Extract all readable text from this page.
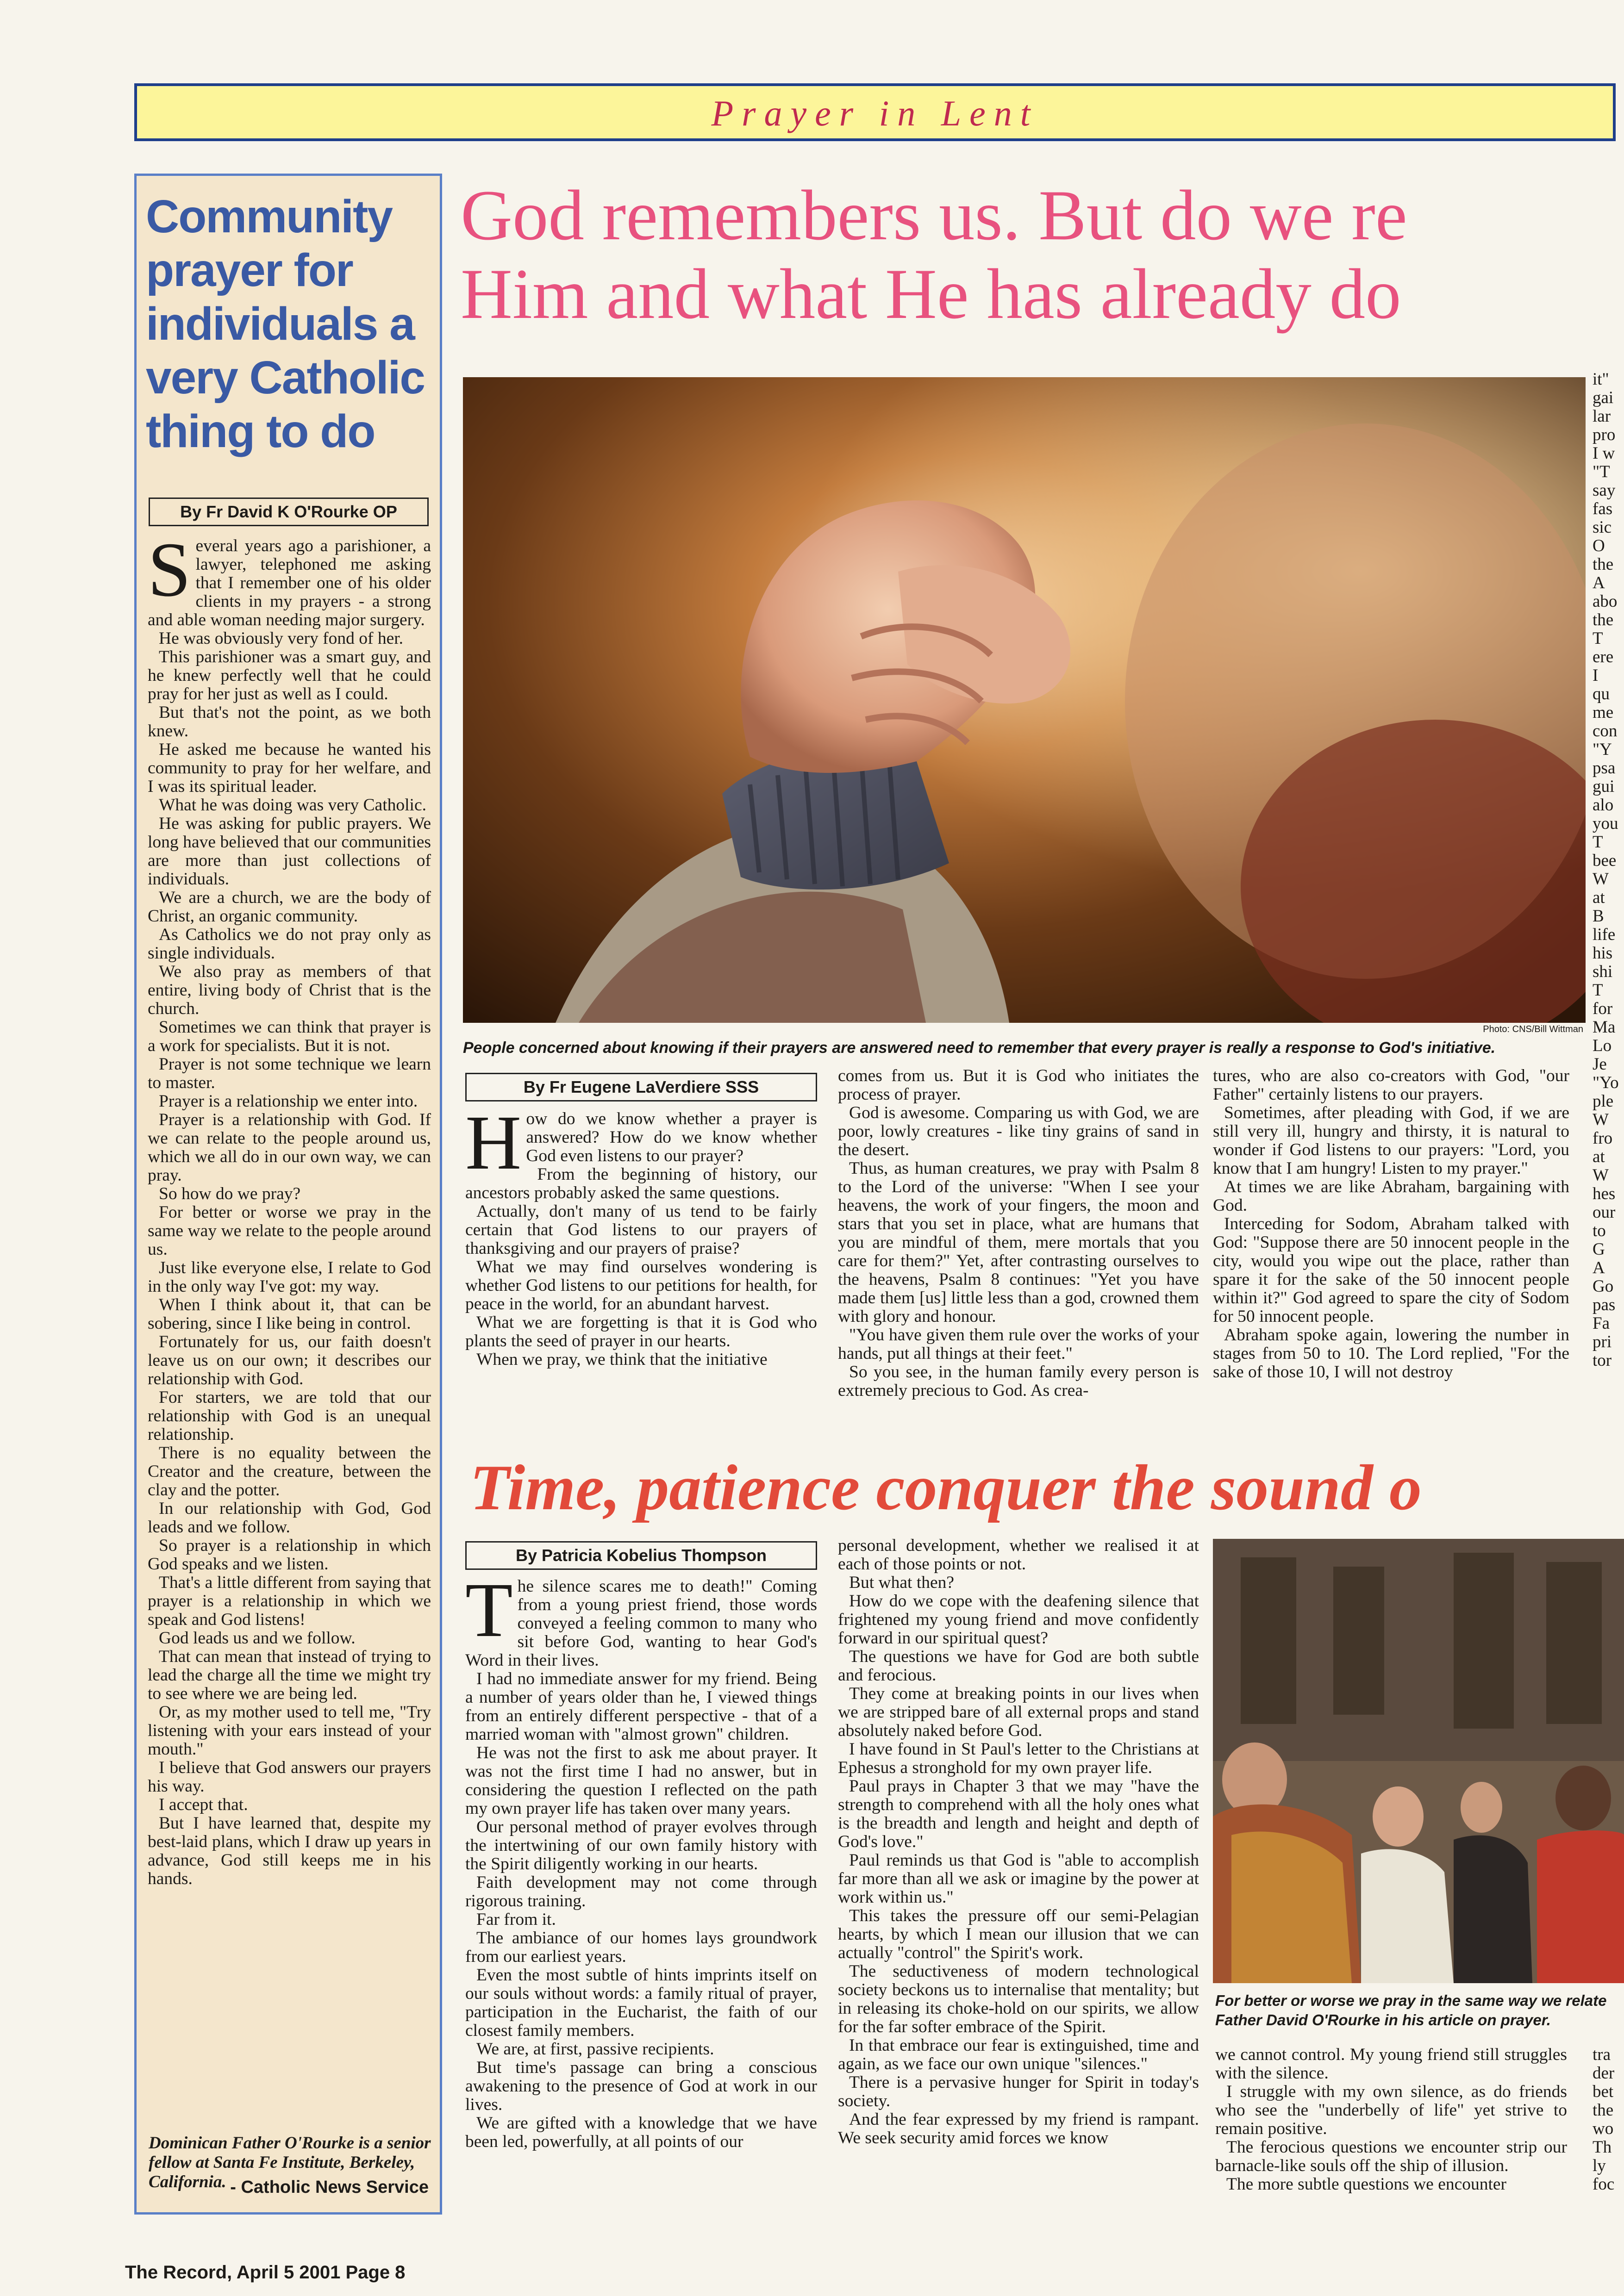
Prayer in Lent
Community prayer for individuals a very Catholic thing to do
By Fr David K O'Rourke OP
S everal years ago a parishioner, a lawyer, telephoned me asking that I remember one of his older clients in my prayers - a strong and able woman needing major surgery.
He was obviously very fond of her.
This parishioner was a smart guy, and he knew perfectly well that he could pray for her just as well as I could.
But that's not the point, as we both knew.
He asked me because he wanted his community to pray for her welfare, and I was its spiritual leader.
What he was doing was very Catholic.
He was asking for public prayers. We long have believed that our communities are more than just collections of individuals.
We are a church, we are the body of Christ, an organic community.
As Catholics we do not pray only as single individuals.
We also pray as members of that entire, living body of Christ that is the church.
Sometimes we can think that prayer is a work for specialists. But it is not.
Prayer is not some technique we learn to master.
Prayer is a relationship we enter into.
Prayer is a relationship with God. If we can relate to the people around us, which we all do in our own way, we can pray.
So how do we pray?
For better or worse we pray in the same way we relate to the people around us.
Just like everyone else, I relate to God in the only way I've got: my way.
When I think about it, that can be sobering, since I like being in control.
Fortunately for us, our faith doesn't leave us on our own; it describes our relationship with God.
For starters, we are told that our relationship with God is an unequal relationship.
There is no equality between the Creator and the creature, between the clay and the potter.
In our relationship with God, God leads and we follow.
So prayer is a relationship in which God speaks and we listen.
That's a little different from saying that prayer is a relationship in which we speak and God listens!
God leads us and we follow.
That can mean that instead of trying to lead the charge all the time we might try to see where we are being led.
Or, as my mother used to tell me, "Try listening with your ears instead of your mouth."
I believe that God answers our prayers his way.
I accept that.
But I have learned that, despite my best-laid plans, which I draw up years in advance, God still keeps me in his hands.
Dominican Father O'Rourke is a senior fellow at Santa Fe Institute, Berkeley, California. - Catholic News Service
God remembers us. But do we re
Him and what He has already do
Photo: CNS/Bill Wittman
People concerned about knowing if their prayers are answered need to remember that every prayer is really a response to God's initiative.
it"
gai
lar
pro
I w
"T
say
fas
sic
O
the
A
abo
the
T
ere
I
qu
me
con
"Y
psa
gui
alo
you
T
bee
W
at
B
life
his
shi
T
for
Ma
Lo
Je
"Yo
ple
W
fro
at
W
hes
our
to
G
A
Go
pas
Fa
pri
tor
By Fr Eugene LaVerdiere SSS
H ow do we know whether a prayer is answered? How do we know whether God even listens to our prayer?
From the beginning of history, our ancestors probably asked the same questions.
Actually, don't many of us tend to be fairly certain that God listens to our prayers of thanksgiving and our prayers of praise?
What we may find ourselves wondering is whether God listens to our petitions for health, for peace in the world, for an abundant harvest.
What we are forgetting is that it is God who plants the seed of prayer in our hearts.
When we pray, we think that the initiative
comes from us. But it is God who initiates the process of prayer.
God is awesome. Comparing us with God, we are poor, lowly creatures - like tiny grains of sand in the desert.
Thus, as human creatures, we pray with Psalm 8 to the Lord of the universe: "When I see your heavens, the work of your fingers, the moon and stars that you set in place, what are humans that you are mindful of them, mere mortals that you care for them?" Yet, after contrasting ourselves to the heavens, Psalm 8 continues: "Yet you have made them [us] little less than a god, crowned them with glory and honour.
"You have given them rule over the works of your hands, put all things at their feet."
So you see, in the human family every person is extremely precious to God. As crea-
tures, who are also co-creators with God, "our Father" certainly listens to our prayers.
Sometimes, after pleading with God, if we are still very ill, hungry and thirsty, it is natural to wonder if God listens to our prayers: "Lord, you know that I am hungry! Listen to my prayer."
At times we are like Abraham, bargaining with God.
Interceding for Sodom, Abraham talked with God: "Suppose there are 50 innocent people in the city, would you wipe out the place, rather than spare it for the sake of the 50 innocent people within it?" God agreed to spare the city of Sodom for 50 innocent people.
Abraham spoke again, lowering the number in stages from 50 to 10. The Lord replied, "For the sake of those 10, I will not destroy
Time, patience conquer the sound o
By Patricia Kobelius Thompson
T he silence scares me to death!" Coming from a young priest friend, those words conveyed a feeling common to many who sit before God, wanting to hear God's Word in their lives.
I had no immediate answer for my friend. Being a number of years older than he, I viewed things from an entirely different perspective - that of a married woman with "almost grown" children.
He was not the first to ask me about prayer. It was not the first time I had no answer, but in considering the question I reflected on the path my own prayer life has taken over many years.
Our personal method of prayer evolves through the intertwining of our own family history with the Spirit diligently working in our hearts.
Faith development may not come through rigorous training.
Far from it.
The ambiance of our homes lays groundwork from our earliest years.
Even the most subtle of hints imprints itself on our souls without words: a family ritual of prayer, participation in the Eucharist, the faith of our closest family members.
We are, at first, passive recipients.
But time's passage can bring a conscious awakening to the presence of God at work in our lives.
We are gifted with a knowledge that we have been led, powerfully, at all points of our
personal development, whether we realised it at each of those points or not.
But what then?
How do we cope with the deafening silence that frightened my young friend and move confidently forward in our spiritual quest?
The questions we have for God are both subtle and ferocious.
They come at breaking points in our lives when we are stripped bare of all external props and stand absolutely naked before God.
I have found in St Paul's letter to the Christians at Ephesus a stronghold for my own prayer life.
Paul prays in Chapter 3 that we may "have the strength to comprehend with all the holy ones what is the breadth and length and height and depth of God's love."
Paul reminds us that God is "able to accomplish far more than all we ask or imagine by the power at work within us."
This takes the pressure off our semi-Pelagian hearts, by which I mean our illusion that we can actually "control" the Spirit's work.
The seductiveness of modern technological society beckons us to internalise that mentality; but in releasing its choke-hold on our spirits, we allow for the far softer embrace of the Spirit.
In that embrace our fear is extinguished, time and again, as we face our own unique "silences."
There is a pervasive hunger for Spirit in today's society.
And the fear expressed by my friend is rampant. We seek security amid forces we know
For better or worse we pray in the same way we relate
Father David O'Rourke in his article on prayer.
we cannot control. My young friend still struggles with the silence.
I struggle with my own silence, as do friends who see the "underbelly of life" yet strive to remain positive.
The ferocious questions we encounter strip our barnacle-like souls off the ship of illusion.
The more subtle questions we encounter
tra
der
bet
the
wo
Th
ly
foc
The Record, April 5 2001 Page 8
